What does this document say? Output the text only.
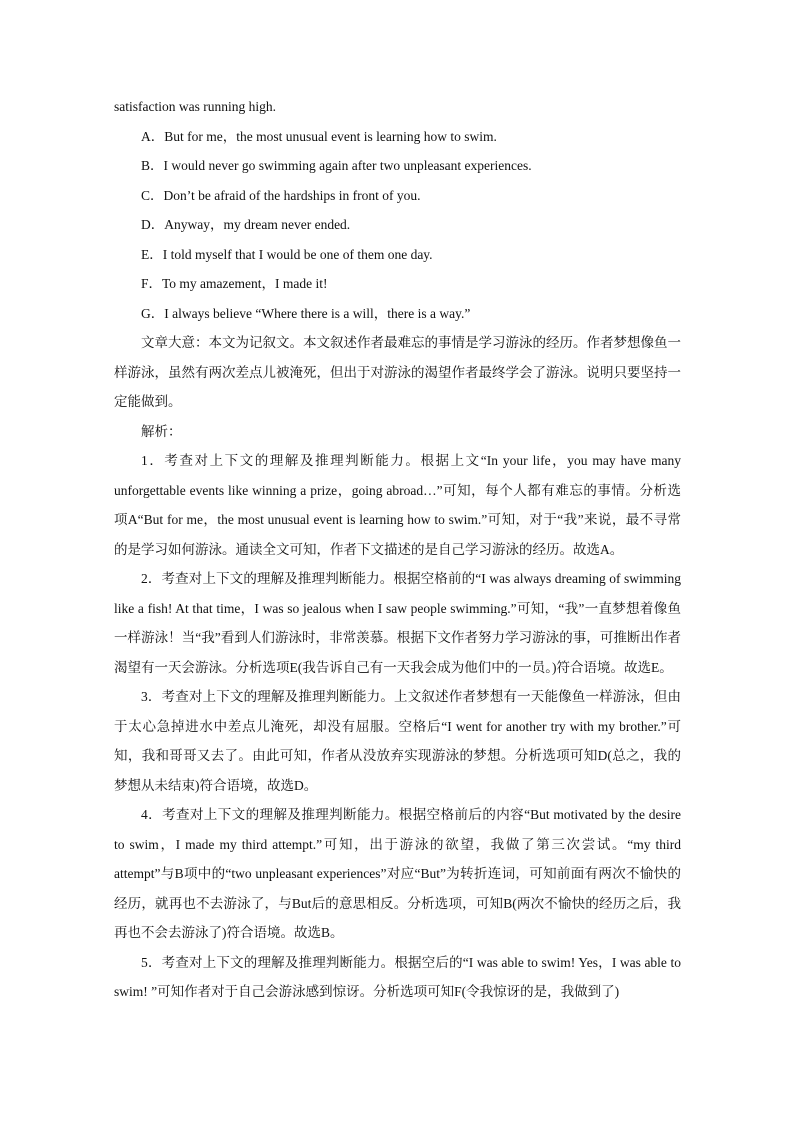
satisfaction was running high.

A．But for me，the most unusual event is learning how to swim.

B．I would never go swimming again after two unpleasant experiences.

C．Don’t be afraid of the hardships in front of you.

D．Anyway，my dream never ended.

E．I told myself that I would be one of them one day.

F．To my amazement，I made it!

G．I always believe “Where there is a will，there is a way.”

文章大意：本文为记叙文。本文叙述作者最难忘的事情是学习游泳的经历。作者梦想像鱼一样游泳，虽然有两次差点儿被淹死，但出于对游泳的渴望作者最终学会了游泳。说明只要坚持一定能做到。

解析：

1．考查对上下文的理解及推理判断能力。根据上文“In your life，you may have many unforgettable events like winning a prize，going abroad…”可知，每个人都有难忘的事情。分析选项A“But for me，the most unusual event is learning how to swim.”可知，对于“我”来说，最不寻常的是学习如何游泳。通读全文可知，作者下文描述的是自己学习游泳的经历。故选A。

2．考查对上下文的理解及推理判断能力。根据空格前的“I was always dreaming of swimming like a fish! At that time，I was so jealous when I saw people swimming.”可知，“我”一直梦想着像鱼一样游泳！当“我”看到人们游泳时，非常羡慕。根据下文作者努力学习游泳的事，可推断出作者渴望有一天会游泳。分析选项E(我告诉自己有一天我会成为他们中的一员。)符合语境。故选E。

3．考查对上下文的理解及推理判断能力。上文叙述作者梦想有一天能像鱼一样游泳，但由于太心急掉进水中差点儿淹死，却没有屈服。空格后“I went for another try with my brother.”可知，我和哥哥又去了。由此可知，作者从没放弃实现游泳的梦想。分析选项可知D(总之，我的梦想从未结束)符合语境，故选D。

4．考查对上下文的理解及推理判断能力。根据空格前后的内容“But motivated by the desire to swim，I made my third attempt.”可知，出于游泳的欲望，我做了第三次尝试。“my third attempt”与B项中的“two unpleasant experiences”对应“But”为转折连词，可知前面有两次不愉快的经历，就再也不去游泳了，与But后的意思相反。分析选项，可知B(两次不愉快的经历之后，我再也不会去游泳了)符合语境。故选B。

5．考查对上下文的理解及推理判断能力。根据空后的“I was able to swim! Yes，I was able to swim! ”可知作者对于自己会游泳感到惊讶。分析选项可知F(令我惊讶的是，我做到了)
